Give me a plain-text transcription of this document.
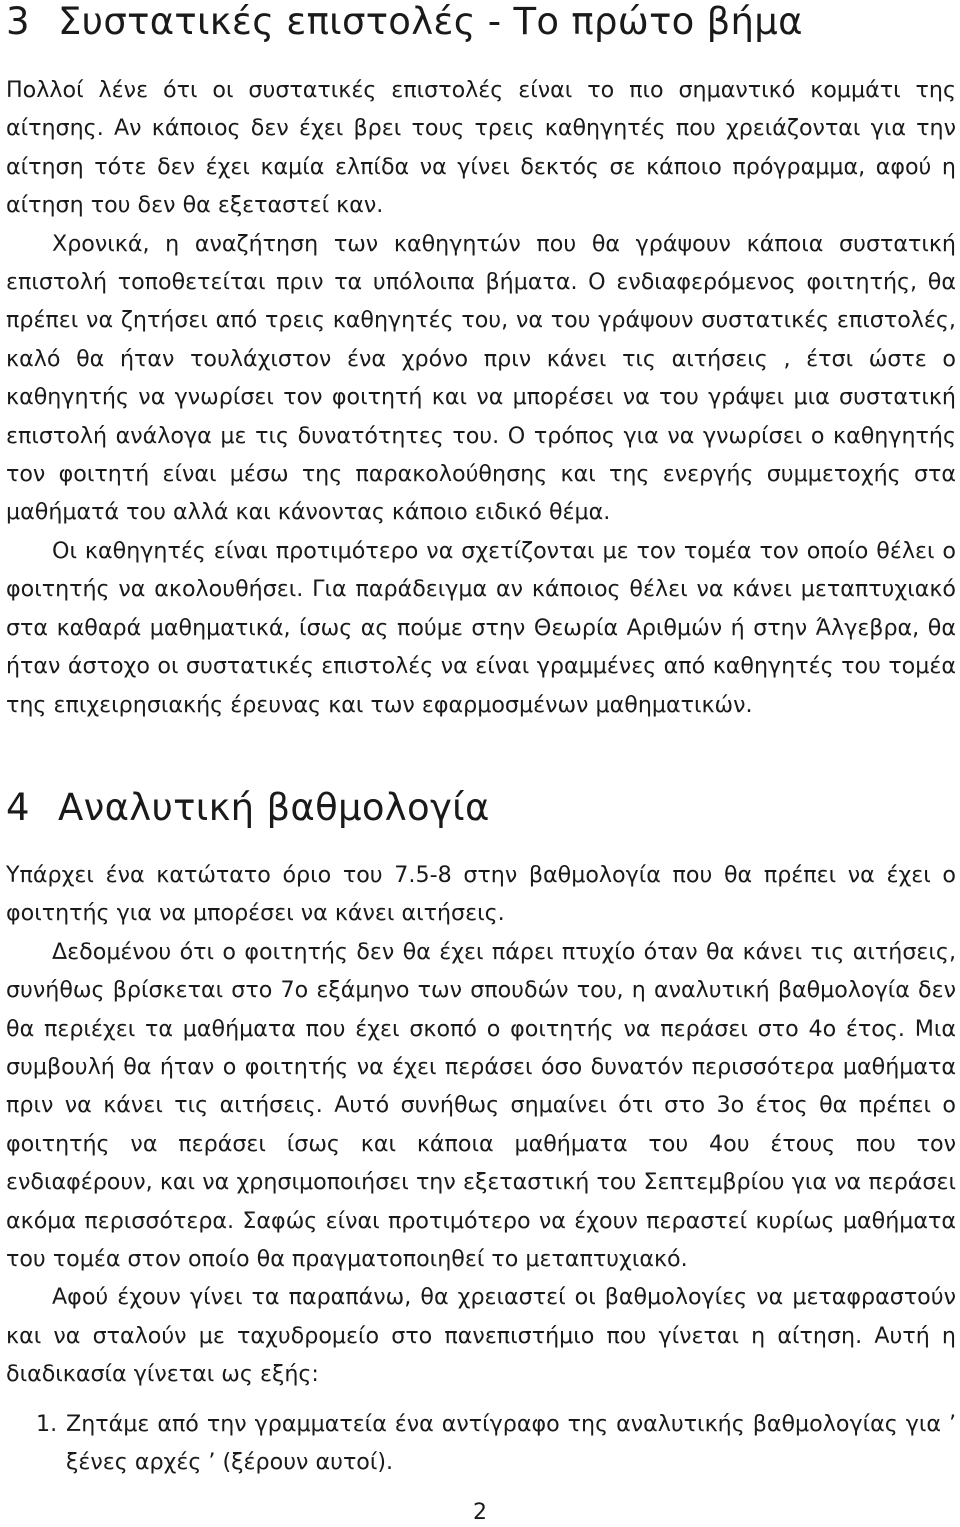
3 Συστατικές επιστολές - Το πρώτο βήμα

Πολλοί λένε ότι οι συστατικές επιστολές είναι το πιο σημαντικό κομμάτι της αίτησης. Αν κάποιος δεν έχει βρει τους τρεις καθηγητές που χρειάζονται για την αίτηση τότε δεν έχει καμία ελπίδα να γίνει δεκτός σε κάποιο πρόγραμμα, αφού η αίτηση του δεν θα εξεταστεί καν.

Χρονικά, η αναζήτηση των καθηγητών που θα γράψουν κάποια συστατική επιστολή τοποθετείται πριν τα υπόλοιπα βήματα. Ο ενδιαφερόμενος φοιτητής, θα πρέπει να ζητήσει από τρεις καθηγητές του, να του γράψουν συστατικές επιστολές, καλό θα ήταν τουλάχιστον ένα χρόνο πριν κάνει τις αιτήσεις , έτσι ώστε ο καθηγητής να γνωρίσει τον φοιτητή και να μπορέσει να του γράψει μια συστατική επιστολή ανάλογα με τις δυνατότητες του. Ο τρόπος για να γνωρίσει ο καθηγητής τον φοιτητή είναι μέσω της παρακολούθησης και της ενεργής συμμετοχής στα μαθήματά του αλλά και κάνοντας κάποιο ειδικό θέμα.

Οι καθηγητές είναι προτιμότερο να σχετίζονται με τον τομέα τον οποίο θέλει ο φοιτητής να ακολουθήσει. Για παράδειγμα αν κάποιος θέλει να κάνει μεταπτυχιακό στα καθαρά μαθηματικά, ίσως ας πούμε στην Θεωρία Αριθμών ή στην Άλγεβρα, θα ήταν άστοχο οι συστατικές επιστολές να είναι γραμμένες από καθηγητές του τομέα της επιχειρησιακής έρευνας και των εφαρμοσμένων μαθηματικών.

4 Αναλυτική βαθμολογία

Υπάρχει ένα κατώτατο όριο του 7.5-8 στην βαθμολογία που θα πρέπει να έχει ο φοιτητής για να μπορέσει να κάνει αιτήσεις.

Δεδομένου ότι ο φοιτητής δεν θα έχει πάρει πτυχίο όταν θα κάνει τις αιτήσεις, συνήθως βρίσκεται στο 7ο εξάμηνο των σπουδών του, η αναλυτική βαθμολογία δεν θα περιέχει τα μαθήματα που έχει σκοπό ο φοιτητής να περάσει στο 4ο έτος. Μια συμβουλή θα ήταν ο φοιτητής να έχει περάσει όσο δυνατόν περισσότερα μαθήματα πριν να κάνει τις αιτήσεις. Αυτό συνήθως σημαίνει ότι στο 3ο έτος θα πρέπει ο φοιτητής να περάσει ίσως και κάποια μαθήματα του 4ου έτους που τον ενδιαφέρουν, και να χρησιμοποιήσει την εξεταστική του Σεπτεμβρίου για να περάσει ακόμα περισσότερα. Σαφώς είναι προτιμότερο να έχουν περαστεί κυρίως μαθήματα του τομέα στον οποίο θα πραγματοποιηθεί το μεταπτυχιακό.

Αφού έχουν γίνει τα παραπάνω, θα χρειαστεί οι βαθμολογίες να μεταφραστούν και να σταλούν με ταχυδρομείο στο πανεπιστήμιο που γίνεται η αίτηση. Αυτή η διαδικασία γίνεται ως εξής:

1. Ζητάμε από την γραμματεία ένα αντίγραφο της αναλυτικής βαθμολογίας για ’ ξένες αρχές ’ (ξέρουν αυτοί).
2
